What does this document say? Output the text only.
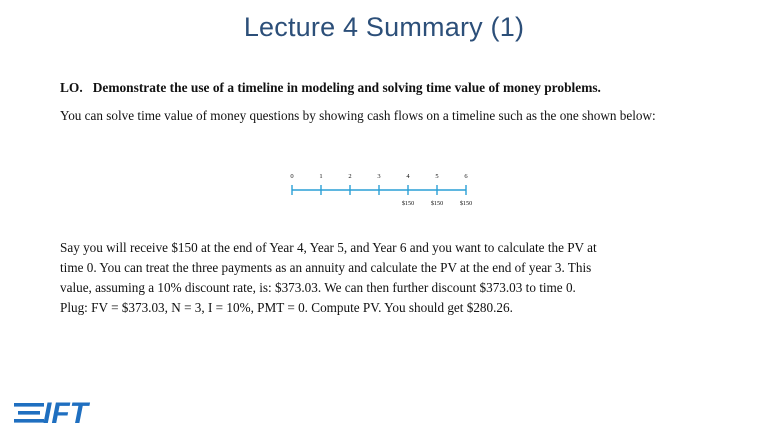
Lecture 4 Summary (1)
LO. Demonstrate the use of a timeline in modeling and solving time value of money problems.
You can solve time value of money questions by showing cash flows on a timeline such as the one shown below:
0	1	2	3	4	5	6
$150	$150	$150

Say you will receive $150 at the end of Year 4, Year 5, and Year 6 and you want to calculate the PV at

time 0. You can treat the three payments as an annuity and calculate the PV at the end of year 3. This

value, assuming a 10% discount rate, is: $373.03. We can then further discount $373.03 to time 0.

Plug: FV = $373.03, N = 3, I = 10%, PMT = 0. Compute PV. You should get $280.26.

IFT
